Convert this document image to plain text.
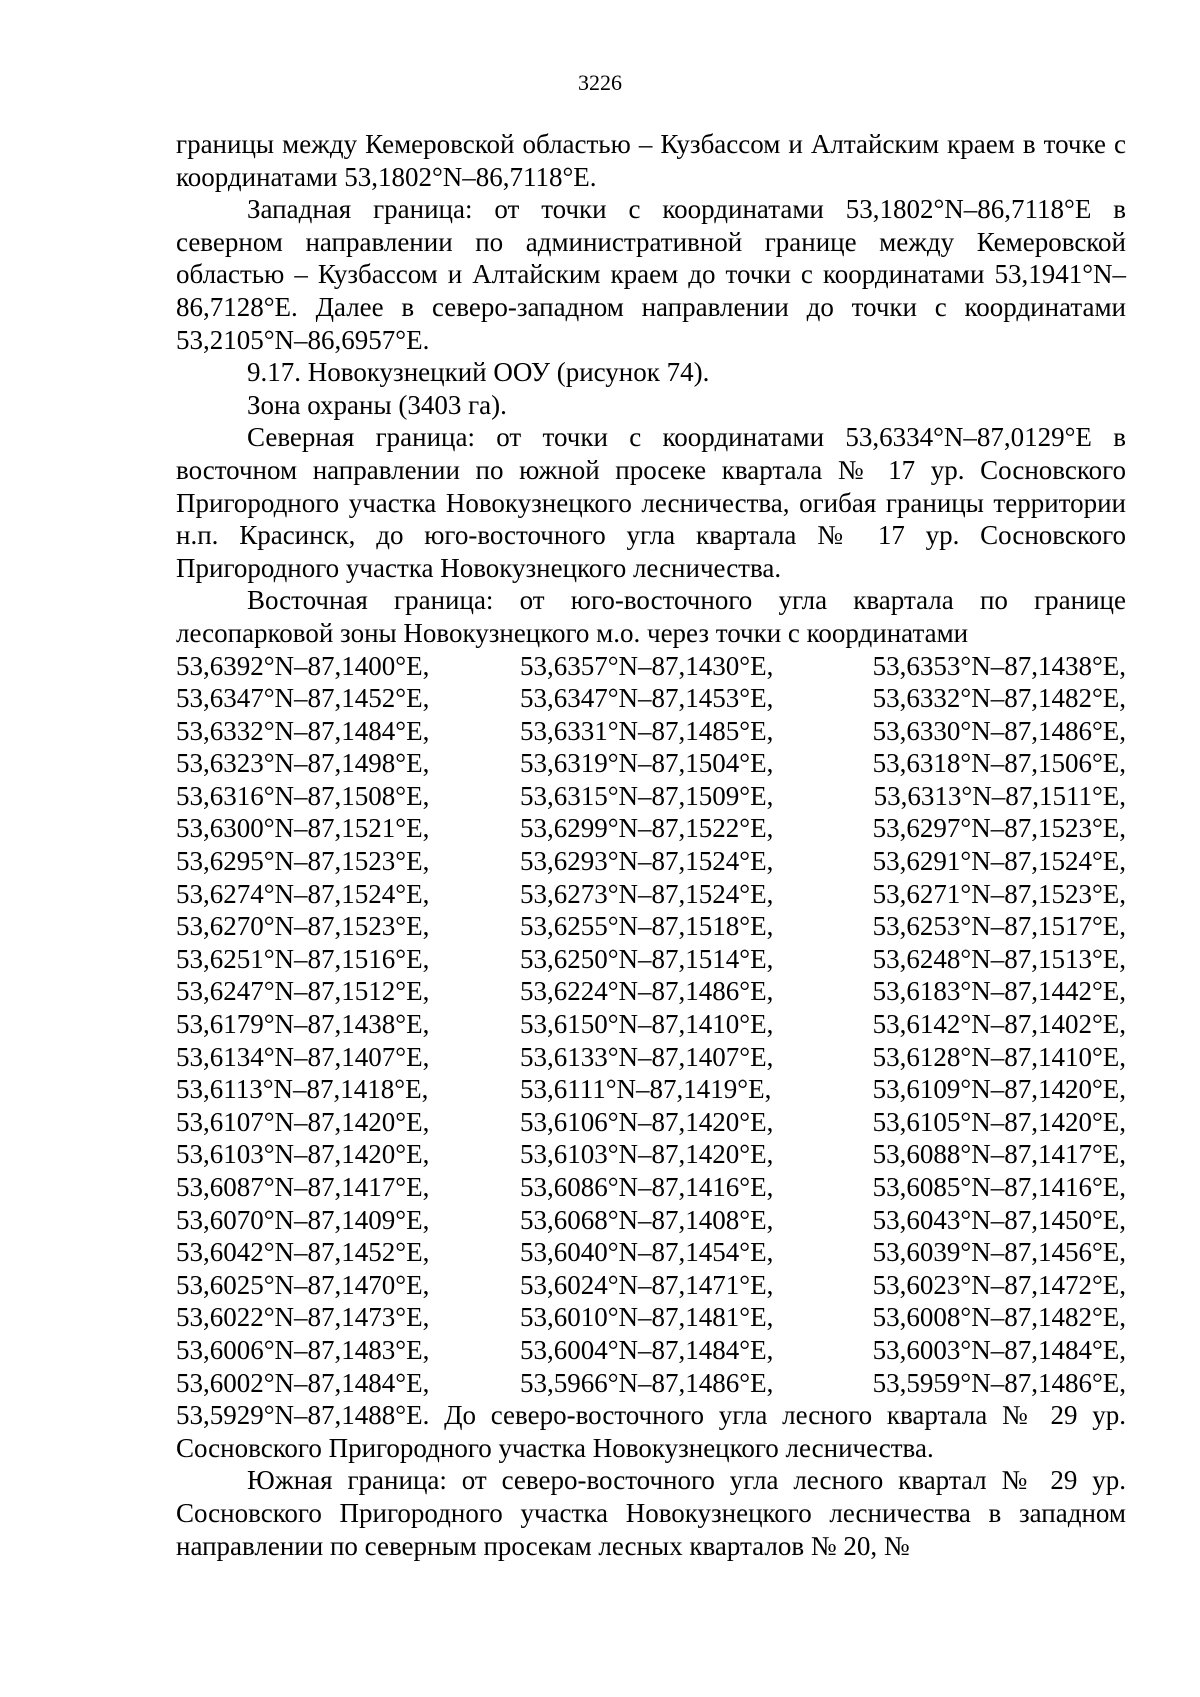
3226

границы между Кемеровской областью – Кузбассом и Алтайским краем в точке с координатами 53,1802°N–86,7118°E.

Западная граница: от точки с координатами 53,1802°N–86,7118°E в северном направлении по административной границе между Кемеровской областью – Кузбассом и Алтайским краем до точки с координатами 53,1941°N–86,7128°E. Далее в северо-западном направлении до точки с координатами 53,2105°N–86,6957°E.

9.17. Новокузнецкий ООУ (рисунок 74).

Зона охраны (3403 га).

Северная граница: от точки с координатами 53,6334°N–87,0129°E в восточном направлении по южной просеке квартала № 17 ур. Сосновского Пригородного участка Новокузнецкого лесничества, огибая границы территории н.п. Красинск, до юго-восточного угла квартала № 17 ур. Сосновского Пригородного участка Новокузнецкого лесничества.

Восточная граница: от юго-восточного угла квартала по границе лесопарковой зоны Новокузнецкого м.о. через точки с координатами

53,6392°N–87,1400°E,	53,6357°N–87,1430°E,	53,6353°N–87,1438°E,
53,6347°N–87,1452°E,	53,6347°N–87,1453°E,	53,6332°N–87,1482°E,
53,6332°N–87,1484°E,	53,6331°N–87,1485°E,	53,6330°N–87,1486°E,
53,6323°N–87,1498°E,	53,6319°N–87,1504°E,	53,6318°N–87,1506°E,
53,6316°N–87,1508°E,	53,6315°N–87,1509°E,	53,6313°N–87,1511°E,
53,6300°N–87,1521°E,	53,6299°N–87,1522°E,	53,6297°N–87,1523°E,
53,6295°N–87,1523°E,	53,6293°N–87,1524°E,	53,6291°N–87,1524°E,
53,6274°N–87,1524°E,	53,6273°N–87,1524°E,	53,6271°N–87,1523°E,
53,6270°N–87,1523°E,	53,6255°N–87,1518°E,	53,6253°N–87,1517°E,
53,6251°N–87,1516°E,	53,6250°N–87,1514°E,	53,6248°N–87,1513°E,
53,6247°N–87,1512°E,	53,6224°N–87,1486°E,	53,6183°N–87,1442°E,
53,6179°N–87,1438°E,	53,6150°N–87,1410°E,	53,6142°N–87,1402°E,
53,6134°N–87,1407°E,	53,6133°N–87,1407°E,	53,6128°N–87,1410°E,
53,6113°N–87,1418°E,	53,6111°N–87,1419°E,	53,6109°N–87,1420°E,
53,6107°N–87,1420°E,	53,6106°N–87,1420°E,	53,6105°N–87,1420°E,
53,6103°N–87,1420°E,	53,6103°N–87,1420°E,	53,6088°N–87,1417°E,
53,6087°N–87,1417°E,	53,6086°N–87,1416°E,	53,6085°N–87,1416°E,
53,6070°N–87,1409°E,	53,6068°N–87,1408°E,	53,6043°N–87,1450°E,
53,6042°N–87,1452°E,	53,6040°N–87,1454°E,	53,6039°N–87,1456°E,
53,6025°N–87,1470°E,	53,6024°N–87,1471°E,	53,6023°N–87,1472°E,
53,6022°N–87,1473°E,	53,6010°N–87,1481°E,	53,6008°N–87,1482°E,
53,6006°N–87,1483°E,	53,6004°N–87,1484°E,	53,6003°N–87,1484°E,
53,6002°N–87,1484°E,	53,5966°N–87,1486°E,	53,5959°N–87,1486°E,

53,5929°N–87,1488°E. До северо-восточного угла лесного квартала № 29 ур. Сосновского Пригородного участка Новокузнецкого лесничества.

Южная граница: от северо-восточного угла лесного квартал № 29 ур. Сосновского Пригородного участка Новокузнецкого лесничества в западном направлении по северным просекам лесных кварталов № 20, №
